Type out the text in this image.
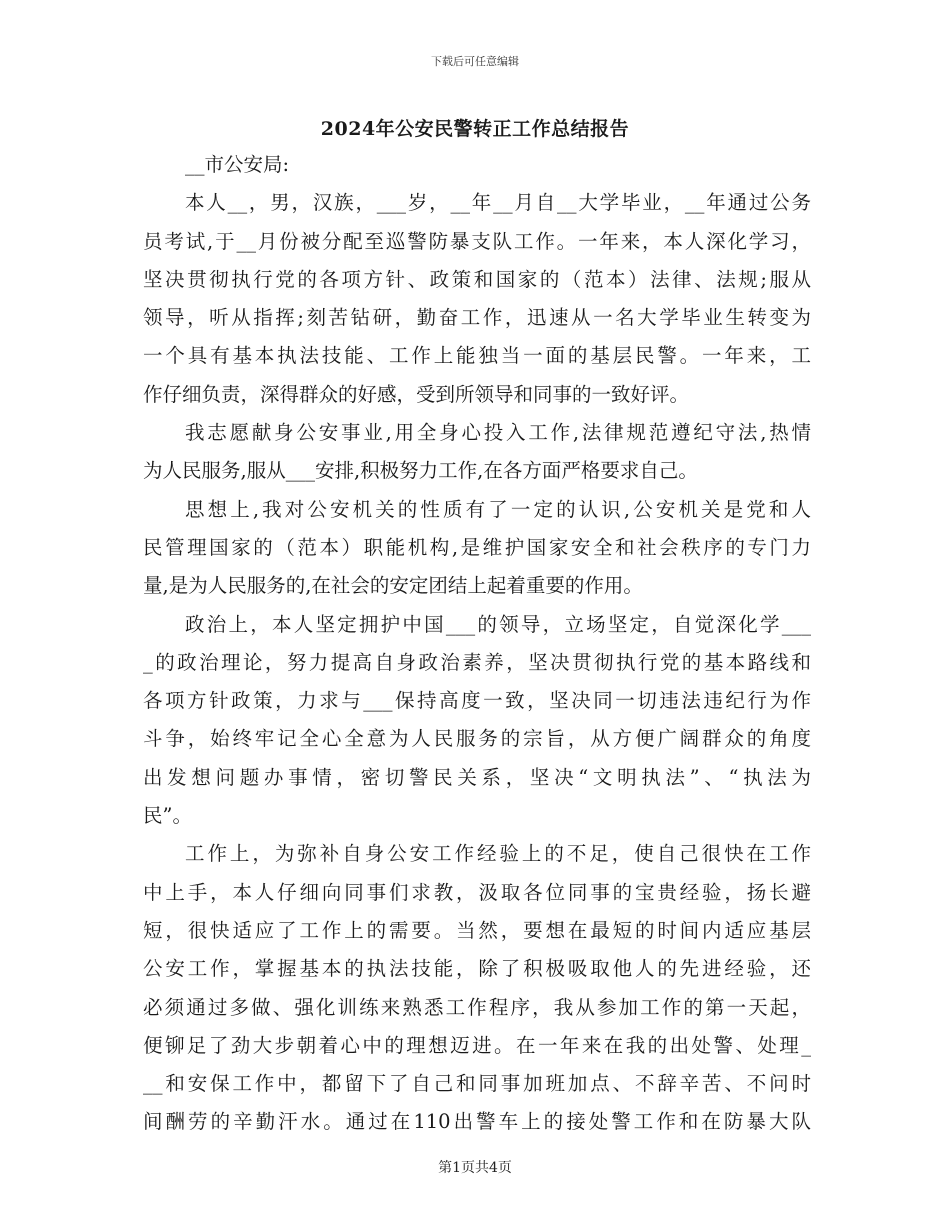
下载后可任意编辑
2024年公安民警转正工作总结报告
__市公安局:
本人__，男，汉族，___岁，__年__月自__大学毕业，__年通过公务
员考试,于__月份被分配至巡警防暴支队工作。一年来，本人深化学习，
坚决贯彻执行党的各项方针、政策和国家的（范本）法律、法规;服从
领导，听从指挥;刻苦钻研，勤奋工作，迅速从一名大学毕业生转变为
一个具有基本执法技能、工作上能独当一面的基层民警。一年来，工
作仔细负责，深得群众的好感，受到所领导和同事的一致好评。
我志愿献身公安事业,用全身心投入工作,法律规范遵纪守法,热情
为人民服务,服从___安排,积极努力工作,在各方面严格要求自己。
思想上,我对公安机关的性质有了一定的认识,公安机关是党和人
民管理国家的（范本）职能机构,是维护国家安全和社会秩序的专门力
量,是为人民服务的,在社会的安定团结上起着重要的作用。
政治上，本人坚定拥护中国___的领导，立场坚定，自觉深化学___
_的政治理论，努力提高自身政治素养，坚决贯彻执行党的基本路线和
各项方针政策，力求与___保持高度一致，坚决同一切违法违纪行为作
斗争，始终牢记全心全意为人民服务的宗旨，从方便广阔群众的角度
出发想问题办事情，密切警民关系，坚决“文明执法”、“执法为
民”。
工作上，为弥补自身公安工作经验上的不足，使自己很快在工作
中上手，本人仔细向同事们求教，汲取各位同事的宝贵经验，扬长避
短，很快适应了工作上的需要。当然，要想在最短的时间内适应基层
公安工作，掌握基本的执法技能，除了积极吸取他人的先进经验，还
必须通过多做、强化训练来熟悉工作程序，我从参加工作的第一天起，
便铆足了劲大步朝着心中的理想迈进。在一年来在我的出处警、处理_
__和安保工作中，都留下了自己和同事加班加点、不辞辛苦、不问时
间酬劳的辛勤汗水。通过在110出警车上的接处警工作和在防暴大队
第1页共4页
